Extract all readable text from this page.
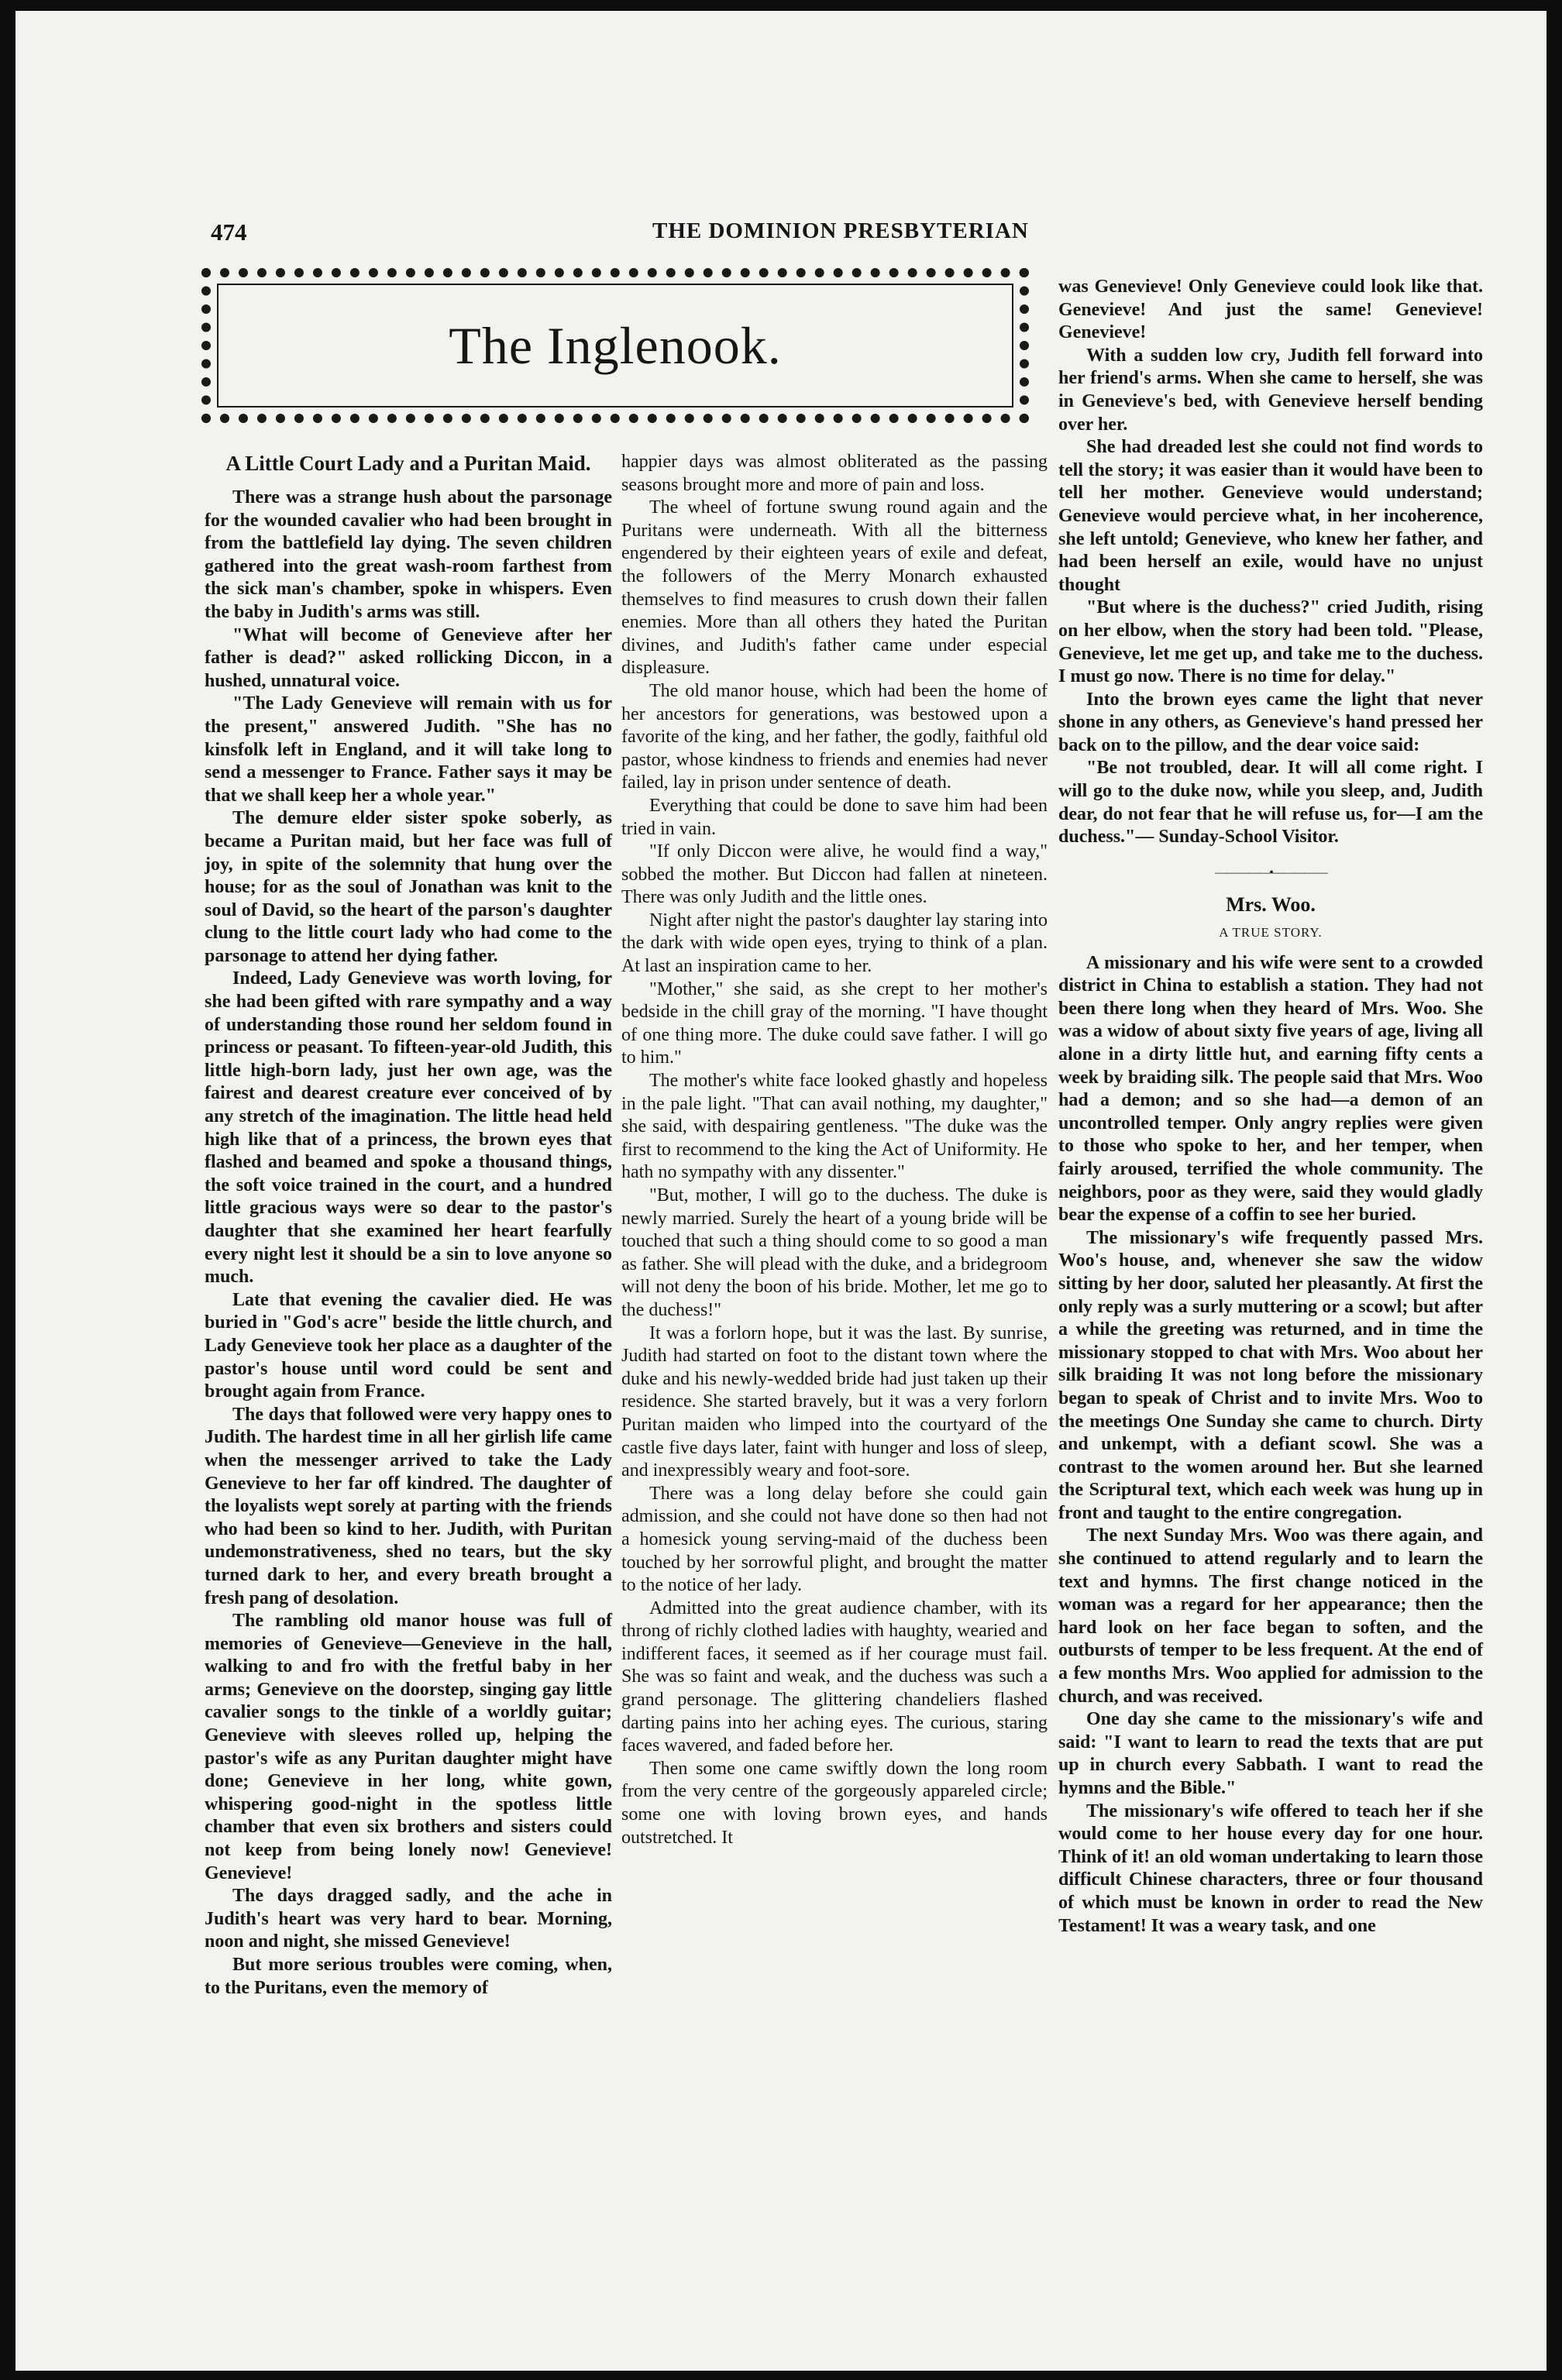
474	THE DOMINION PRESBYTERIAN
The Inglenook.
A Little Court Lady and a Puritan Maid.

There was a strange hush about the parsonage for the wounded cavalier who had been brought in from the battlefield lay dying. The seven children gathered into the great wash-room farthest from the sick man's chamber, spoke in whispers. Even the baby in Judith's arms was still.

"What will become of Genevieve after her father is dead?" asked rollicking Diccon, in a hushed, unnatural voice.

"The Lady Genevieve will remain with us for the present," answered Judith. "She has no kinsfolk left in England, and it will take long to send a messenger to France. Father says it may be that we shall keep her a whole year."

The demure elder sister spoke soberly, as became a Puritan maid, but her face was full of joy, in spite of the solemnity that hung over the house; for as the soul of Jonathan was knit to the soul of David, so the heart of the parson's daughter clung to the little court lady who had come to the parsonage to attend her dying father.

Indeed, Lady Genevieve was worth loving, for she had been gifted with rare sympathy and a way of understanding those round her seldom found in princess or peasant. To fifteen-year-old Judith, this little high-born lady, just her own age, was the fairest and dearest creature ever conceived of by any stretch of the imagination. The little head held high like that of a princess, the brown eyes that flashed and beamed and spoke a thousand things, the soft voice trained in the court, and a hundred little gracious ways were so dear to the pastor's daughter that she examined her heart fearfully every night lest it should be a sin to love anyone so much.

Late that evening the cavalier died. He was buried in "God's acre" beside the little church, and Lady Genevieve took her place as a daughter of the pastor's house until word could be sent and brought again from France.

The days that followed were very happy ones to Judith. The hardest time in all her girlish life came when the messenger arrived to take the Lady Genevieve to her far off kindred. The daughter of the loyalists wept sorely at parting with the friends who had been so kind to her. Judith, with Puritan undemonstrativeness, shed no tears, but the sky turned dark to her, and every breath brought a fresh pang of desolation.

The rambling old manor house was full of memories of Genevieve—Genevieve in the hall, walking to and fro with the fretful baby in her arms; Genevieve on the doorstep, singing gay little cavalier songs to the tinkle of a worldly guitar; Genevieve with sleeves rolled up, helping the pastor's wife as any Puritan daughter might have done; Genevieve in her long, white gown, whispering good-night in the spotless little chamber that even six brothers and sisters could not keep from being lonely now! Genevieve! Genevieve!

The days dragged sadly, and the ache in Judith's heart was very hard to bear. Morning, noon and night, she missed Genevieve!

But more serious troubles were coming, when, to the Puritans, even the memory of

happier days was almost obliterated as the passing seasons brought more and more of pain and loss.

The wheel of fortune swung round again and the Puritans were underneath. With all the bitterness engendered by their eighteen years of exile and defeat, the followers of the Merry Monarch exhausted themselves to find measures to crush down their fallen enemies. More than all others they hated the Puritan divines, and Judith's father came under especial displeasure.

The old manor house, which had been the home of her ancestors for generations, was bestowed upon a favorite of the king, and her father, the godly, faithful old pastor, whose kindness to friends and enemies had never failed, lay in prison under sentence of death.

Everything that could be done to save him had been tried in vain.

"If only Diccon were alive, he would find a way," sobbed the mother. But Diccon had fallen at nineteen. There was only Judith and the little ones.

Night after night the pastor's daughter lay staring into the dark with wide open eyes, trying to think of a plan. At last an inspiration came to her.

"Mother," she said, as she crept to her mother's bedside in the chill gray of the morning. "I have thought of one thing more. The duke could save father. I will go to him."

The mother's white face looked ghastly and hopeless in the pale light. "That can avail nothing, my daughter," she said, with despairing gentleness. "The duke was the first to recommend to the king the Act of Uniformity. He hath no sympathy with any dissenter."

"But, mother, I will go to the duchess. The duke is newly married. Surely the heart of a young bride will be touched that such a thing should come to so good a man as father. She will plead with the duke, and a bridegroom will not deny the boon of his bride. Mother, let me go to the duchess!"

It was a forlorn hope, but it was the last. By sunrise, Judith had started on foot to the distant town where the duke and his newly-wedded bride had just taken up their residence. She started bravely, but it was a very forlorn Puritan maiden who limped into the courtyard of the castle five days later, faint with hunger and loss of sleep, and inexpressibly weary and foot-sore.

There was a long delay before she could gain admission, and she could not have done so then had not a homesick young serving-maid of the duchess been touched by her sorrowful plight, and brought the matter to the notice of her lady.

Admitted into the great audience chamber, with its throng of richly clothed ladies with haughty, wearied and indifferent faces, it seemed as if her courage must fail. She was so faint and weak, and the duchess was such a grand personage. The glittering chandeliers flashed darting pains into her aching eyes. The curious, staring faces wavered, and faded before her.

Then some one came swiftly down the long room from the very centre of the gorgeously appareled circle; some one with loving brown eyes, and hands outstretched. It

was Genevieve! Only Genevieve could look like that. Genevieve! And just the same! Genevieve! Genevieve!

With a sudden low cry, Judith fell forward into her friend's arms. When she came to herself, she was in Genevieve's bed, with Genevieve herself bending over her.

She had dreaded lest she could not find words to tell the story; it was easier than it would have been to tell her mother. Genevieve would understand; Genevieve would percieve what, in her incoherence, she left untold; Genevieve, who knew her father, and had been herself an exile, would have no unjust thought

"But where is the duchess?" cried Judith, rising on her elbow, when the story had been told. "Please, Genevieve, let me get up, and take me to the duchess. I must go now. There is no time for delay."

Into the brown eyes came the light that never shone in any others, as Genevieve's hand pressed her back on to the pillow, and the dear voice said:

"Be not troubled, dear. It will all come right. I will go to the duke now, while you sleep, and, Judith dear, do not fear that he will refuse us, for—I am the duchess."— Sunday-School Visitor.

—————•—————
Mrs. Woo.
A TRUE STORY.

A missionary and his wife were sent to a crowded district in China to establish a station. They had not been there long when they heard of Mrs. Woo. She was a widow of about sixty five years of age, living all alone in a dirty little hut, and earning fifty cents a week by braiding silk. The people said that Mrs. Woo had a demon; and so she had—a demon of an uncontrolled temper. Only angry replies were given to those who spoke to her, and her temper, when fairly aroused, terrified the whole community. The neighbors, poor as they were, said they would gladly bear the expense of a coffin to see her buried.

The missionary's wife frequently passed Mrs. Woo's house, and, whenever she saw the widow sitting by her door, saluted her pleasantly. At first the only reply was a surly muttering or a scowl; but after a while the greeting was returned, and in time the missionary stopped to chat with Mrs. Woo about her silk braiding It was not long before the missionary began to speak of Christ and to invite Mrs. Woo to the meetings One Sunday she came to church. Dirty and unkempt, with a defiant scowl. She was a contrast to the women around her. But she learned the Scriptural text, which each week was hung up in front and taught to the entire congregation.

The next Sunday Mrs. Woo was there again, and she continued to attend regularly and to learn the text and hymns. The first change noticed in the woman was a regard for her appearance; then the hard look on her face began to soften, and the outbursts of temper to be less frequent. At the end of a few months Mrs. Woo applied for admission to the church, and was received.

One day she came to the missionary's wife and said: "I want to learn to read the texts that are put up in church every Sabbath. I want to read the hymns and the Bible."

The missionary's wife offered to teach her if she would come to her house every day for one hour. Think of it! an old woman undertaking to learn those difficult Chinese characters, three or four thousand of which must be known in order to read the New Testament! It was a weary task, and one
